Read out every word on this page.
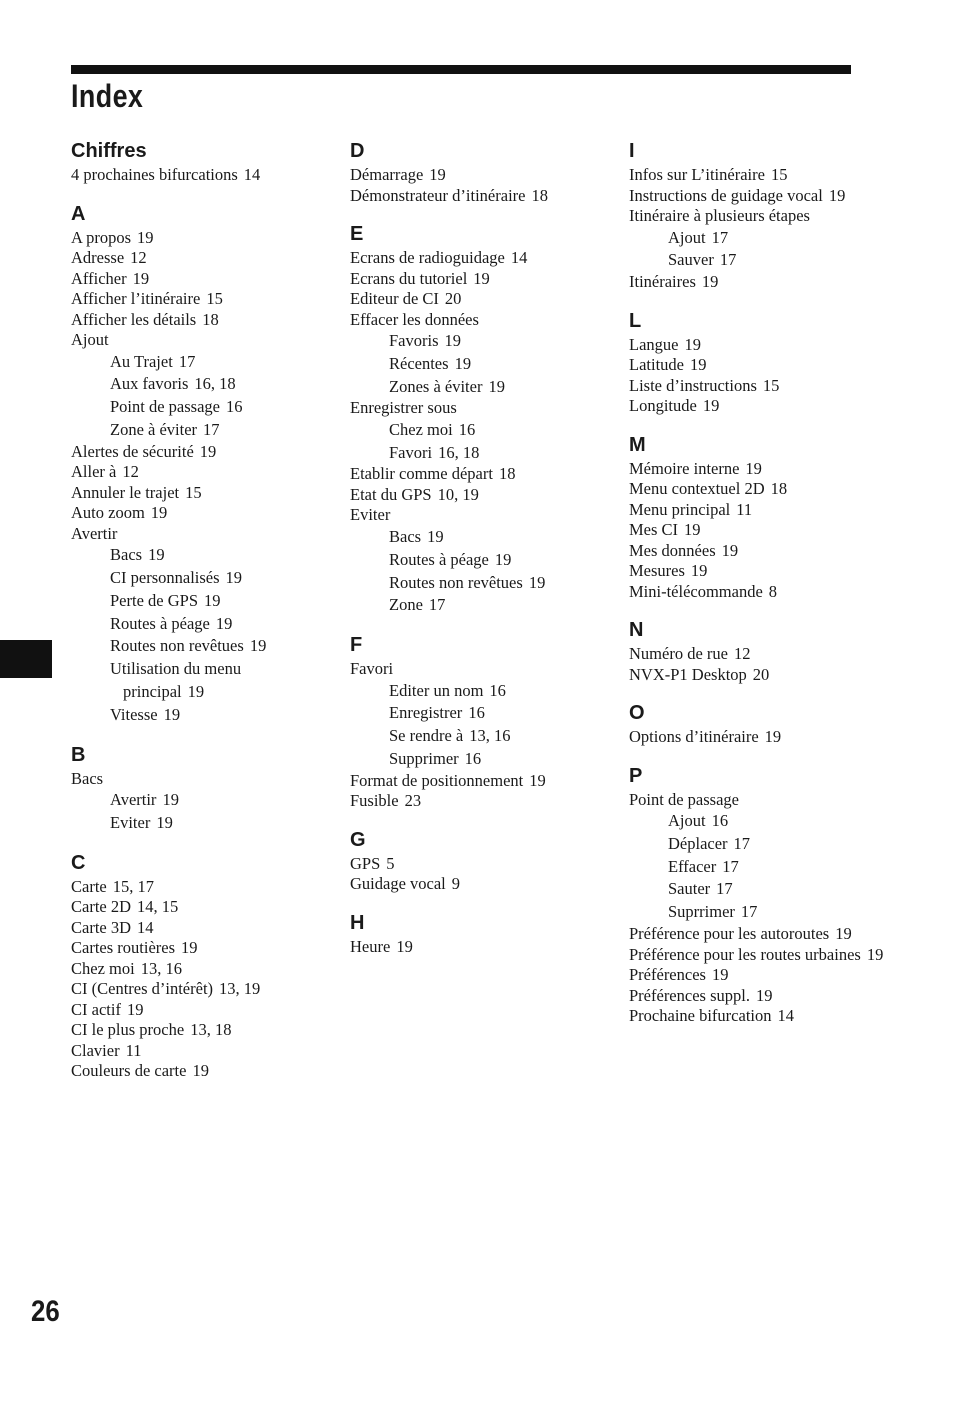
Index
Chiffres
4 prochaines bifurcations 14
A
A propos 19
Adresse 12
Afficher 19
Afficher l’itinéraire 15
Afficher les détails 18
Ajout
Au Trajet 17
Aux favoris 16, 18
Point de passage 16
Zone à éviter 17
Alertes de sécurité 19
Aller à 12
Annuler le trajet 15
Auto zoom 19
Avertir
Bacs 19
CI personnalisés 19
Perte de GPS 19
Routes à péage 19
Routes non revêtues 19
Utilisation du menu
principal 19
Vitesse 19
B
Bacs
Avertir 19
Eviter 19
C
Carte 15, 17
Carte 2D 14, 15
Carte 3D 14
Cartes routières 19
Chez moi 13, 16
CI (Centres d’intérêt) 13, 19
CI actif 19
CI le plus proche 13, 18
Clavier 11
Couleurs de carte 19
D
Démarrage 19
Démonstrateur d’itinéraire 18
E
Ecrans de radioguidage 14
Ecrans du tutoriel 19
Editeur de CI 20
Effacer les données
Favoris 19
Récentes 19
Zones à éviter 19
Enregistrer sous
Chez moi 16
Favori 16, 18
Etablir comme départ 18
Etat du GPS 10, 19
Eviter
Bacs 19
Routes à péage 19
Routes non revêtues 19
Zone 17
F
Favori
Editer un nom 16
Enregistrer 16
Se rendre à 13, 16
Supprimer 16
Format de positionnement 19
Fusible 23
G
GPS 5
Guidage vocal 9
H
Heure 19
I
Infos sur L’itinéraire 15
Instructions de guidage vocal 19
Itinéraire à plusieurs étapes
Ajout 17
Sauver 17
Itinéraires 19
L
Langue 19
Latitude 19
Liste d’instructions 15
Longitude 19
M
Mémoire interne 19
Menu contextuel 2D 18
Menu principal 11
Mes CI 19
Mes données 19
Mesures 19
Mini-télécommande 8
N
Numéro de rue 12
NVX-P1 Desktop 20
O
Options d’itinéraire 19
P
Point de passage
Ajout 16
Déplacer 17
Effacer 17
Sauter 17
Suprrimer 17
Préférence pour les autoroutes 19
Préférence pour les routes urbaines 19
Préférences 19
Préférences suppl. 19
Prochaine bifurcation 14
26
